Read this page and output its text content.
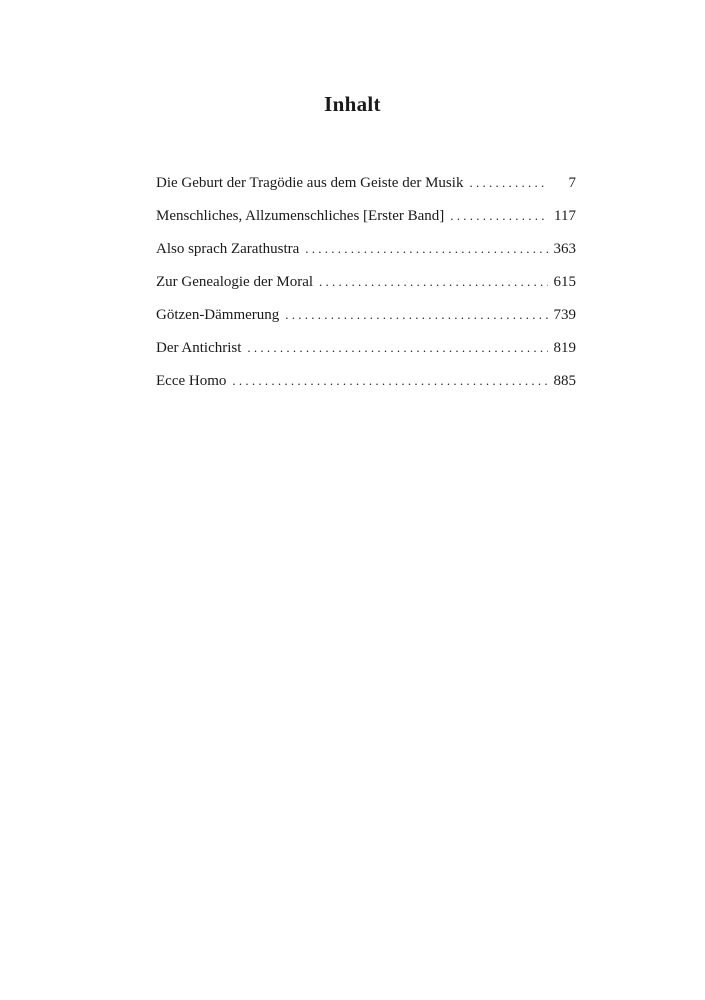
Inhalt
Die Geburt der Tragödie aus dem Geiste der Musik . . .	7
Menschliches, Allzumenschliches [Erster Band] . . .	117
Also sprach Zarathustra . . .	363
Zur Genealogie der Moral . . .	615
Götzen-Dämmerung . . .	739
Der Antichrist . . .	819
Ecce Homo . . .	885
